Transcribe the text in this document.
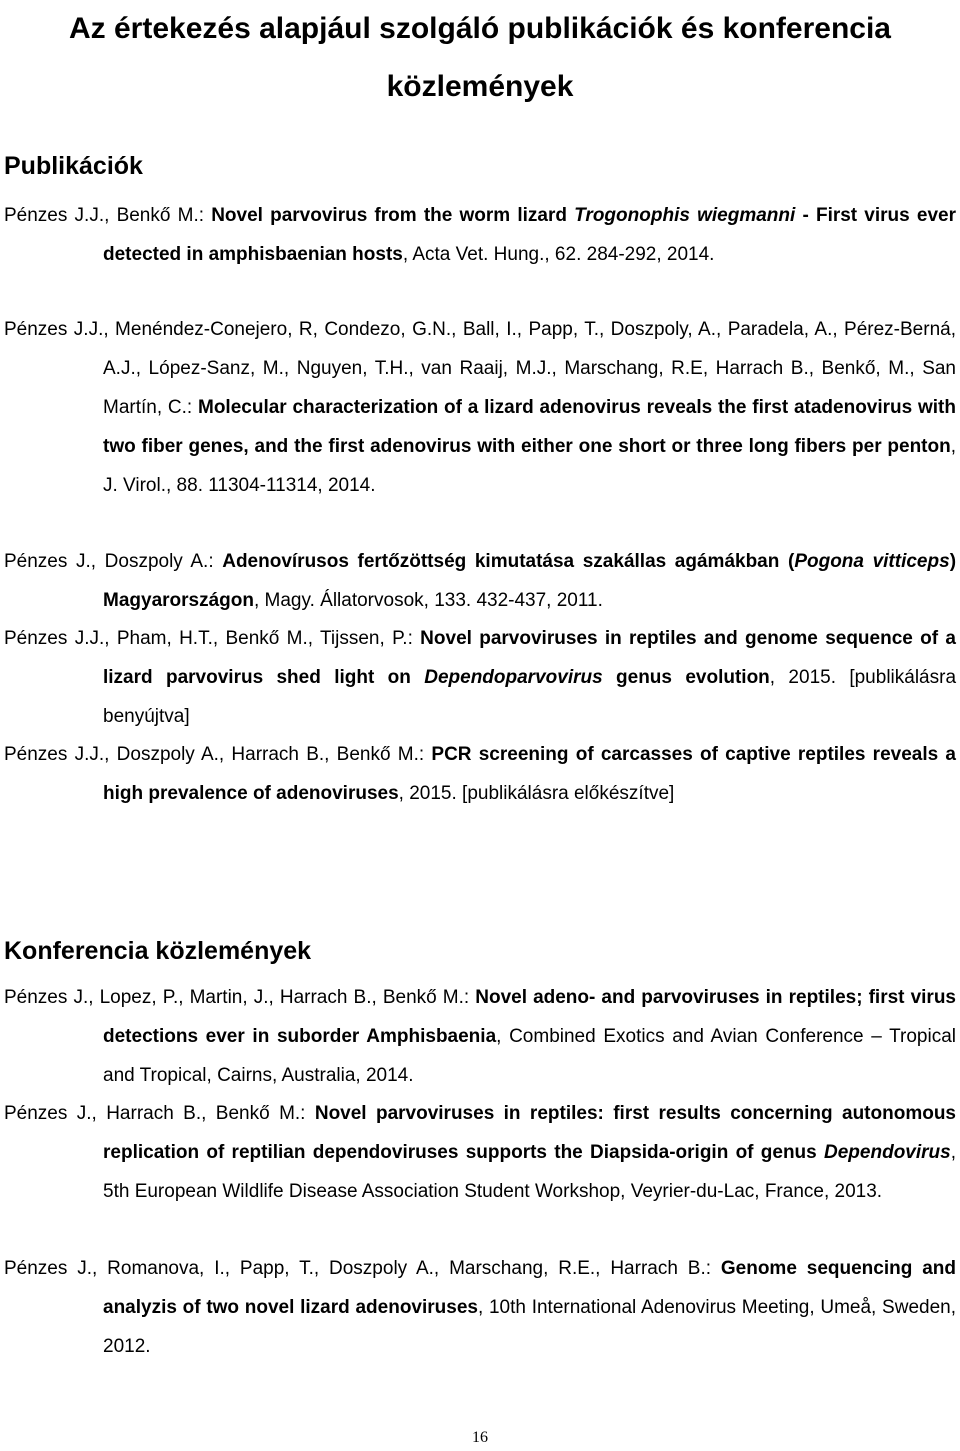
Az értekezés alapjául szolgáló publikációk és konferencia
közlemények
Publikációk

Pénzes J.J., Benkő M.: Novel parvovirus from the worm lizard Trogonophis wiegmanni - First virus ever detected in amphisbaenian hosts, Acta Vet. Hung., 62. 284-292, 2014.

Pénzes J.J., Menéndez-Conejero, R, Condezo, G.N., Ball, I., Papp, T., Doszpoly, A., Paradela, A., Pérez-Berná, A.J., López-Sanz, M., Nguyen, T.H., van Raaij, M.J., Marschang, R.E, Harrach B., Benkő, M., San Martín, C.: Molecular characterization of a lizard adenovirus reveals the first atadenovirus with two fiber genes, and the first adenovirus with either one short or three long fibers per penton, J. Virol., 88. 11304-11314, 2014.

Pénzes J., Doszpoly A.: Adenovírusos fertőzöttség kimutatása szakállas agámákban (Pogona vitticeps) Magyarországon, Magy. Állatorvosok, 133. 432-437, 2011.

Pénzes J.J., Pham, H.T., Benkő M., Tijssen, P.: Novel parvoviruses in reptiles and genome sequence of a lizard parvovirus shed light on Dependoparvovirus genus evolution, 2015. [publikálásra benyújtva]

Pénzes J.J., Doszpoly A., Harrach B., Benkő M.: PCR screening of carcasses of captive reptiles reveals a high prevalence of adenoviruses, 2015. [publikálásra előkészítve]

Konferencia közlemények

Pénzes J., Lopez, P., Martin, J., Harrach B., Benkő M.: Novel adeno- and parvoviruses in reptiles; first virus detections ever in suborder Amphisbaenia, Combined Exotics and Avian Conference – Tropical and Tropical, Cairns, Australia, 2014.

Pénzes J., Harrach B., Benkő M.: Novel parvoviruses in reptiles: first results concerning autonomous replication of reptilian dependoviruses supports the Diapsida-origin of genus Dependovirus, 5th European Wildlife Disease Association Student Workshop, Veyrier-du-Lac, France, 2013.

Pénzes J., Romanova, I., Papp, T., Doszpoly A., Marschang, R.E., Harrach B.: Genome sequencing and analyzis of two novel lizard adenoviruses, 10th International Adenovirus Meeting, Umeå, Sweden, 2012.

16
